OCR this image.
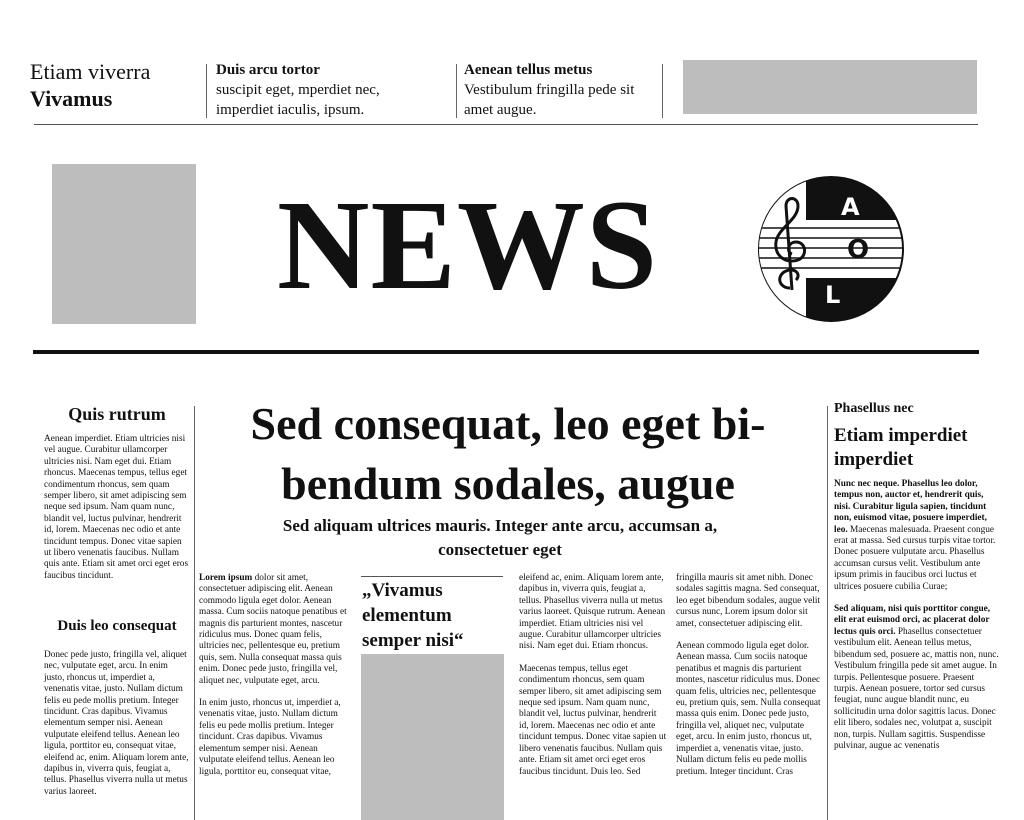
Etiam viverra
Vivamus
Duis arcu tortor
suscipit eget, mperdiet nec,
imperdiet iaculis, ipsum.
Aenean tellus metus
Vestibulum fringilla pede sit
amet augue.
NEWS	A
O
L
Quis rutrum
Aenean imperdiet. Etiam ultricies nisi vel augue. Curabitur ullamcorper ultricies nisi. Nam eget dui. Etiam rhoncus. Maecenas tempus, tellus eget condimentum rhoncus, sem quam semper libero, sit amet adipiscing sem neque sed ipsum. Nam quam nunc, blandit vel, luctus pulvinar, hendrerit id, lorem. Maecenas nec odio et ante tincidunt tempus. Donec vitae sapien ut libero venenatis faucibus. Nullam quis ante. Etiam sit amet orci eget eros faucibus tincidunt.
Duis leo consequat
Donec pede justo, fringilla vel, aliquet nec, vulputate eget, arcu. In enim justo, rhoncus ut, imperdiet a, venenatis vitae, justo. Nullam dictum felis eu pede mollis pretium. Integer tincidunt. Cras dapibus. Vivamus elementum semper nisi. Aenean vulputate eleifend tellus. Aenean leo ligula, porttitor eu, consequat vitae, eleifend ac, enim. Aliquam lorem ante, dapibus in, viverra quis, feugiat a, tellus. Phasellus viverra nulla ut metus varius laoreet.
Sed consequat, leo eget bi-bendum sodales, augue
Sed aliquam ultrices mauris. Integer ante arcu, accumsan a, consectetuer eget

Lorem ipsum dolor sit amet, consectetuer adipiscing elit. Aenean commodo ligula eget dolor. Aenean massa. Cum sociis natoque penatibus et magnis dis parturient montes, nascetur ridiculus mus. Donec quam felis, ultricies nec, pellentesque eu, pretium quis, sem. Nulla consequat massa quis enim. Donec pede justo, fringilla vel, aliquet nec, vulputate eget, arcu.

In enim justo, rhoncus ut, imperdiet a, venenatis vitae, justo. Nullam dictum felis eu pede mollis pretium. Integer tincidunt. Cras dapibus. Vivamus elementum semper nisi. Aenean vulputate eleifend tellus. Aenean leo ligula, porttitor eu, consequat vitae,

„Vivamus elementum semper nisi“

eleifend ac, enim. Aliquam lorem ante, dapibus in, viverra quis, feugiat a, tellus. Phasellus viverra nulla ut metus varius laoreet. Quisque rutrum. Aenean imperdiet. Etiam ultricies nisi vel augue. Curabitur ullamcorper ultricies nisi. Nam eget dui. Etiam rhoncus.

Maecenas tempus, tellus eget condimentum rhoncus, sem quam semper libero, sit amet adipiscing sem neque sed ipsum. Nam quam nunc, blandit vel, luctus pulvinar, hendrerit id, lorem. Maecenas nec odio et ante tincidunt tempus. Donec vitae sapien ut libero venenatis faucibus. Nullam quis ante. Etiam sit amet orci eget eros faucibus tincidunt. Duis leo. Sed

fringilla mauris sit amet nibh. Donec sodales sagittis magna. Sed consequat, leo eget bibendum sodales, augue velit cursus nunc, Lorem ipsum dolor sit amet, consectetuer adipiscing elit.

Aenean commodo ligula eget dolor. Aenean massa. Cum sociis natoque penatibus et magnis dis parturient montes, nascetur ridiculus mus. Donec quam felis, ultricies nec, pellentesque eu, pretium quis, sem. Nulla consequat massa quis enim. Donec pede justo, fringilla vel, aliquet nec, vulputate eget, arcu. In enim justo, rhoncus ut, imperdiet a, venenatis vitae, justo. Nullam dictum felis eu pede mollis pretium. Integer tincidunt. Cras

Phasellus nec
Etiam imperdiet imperdiet

Nunc nec neque. Phasellus leo dolor, tempus non, auctor et, hendrerit quis, nisi. Curabitur ligula sapien, tincidunt non, euismod vitae, posuere imperdiet, leo. Maecenas malesuada. Praesent congue erat at massa. Sed cursus turpis vitae tortor. Donec posuere vulputate arcu. Phasellus accumsan cursus velit. Vestibulum ante ipsum primis in faucibus orci luctus et ultrices posuere cubilia Curae;

Sed aliquam, nisi quis porttitor congue, elit erat euismod orci, ac placerat dolor lectus quis orci. Phasellus consectetuer vestibulum elit. Aenean tellus metus, bibendum sed, posuere ac, mattis non, nunc. Vestibulum fringilla pede sit amet augue. In turpis. Pellentesque posuere. Praesent turpis. Aenean posuere, tortor sed cursus feugiat, nunc augue blandit nunc, eu sollicitudin urna dolor sagittis lacus. Donec elit libero, sodales nec, volutpat a, suscipit non, turpis. Nullam sagittis. Suspendisse pulvinar, augue ac venenatis
